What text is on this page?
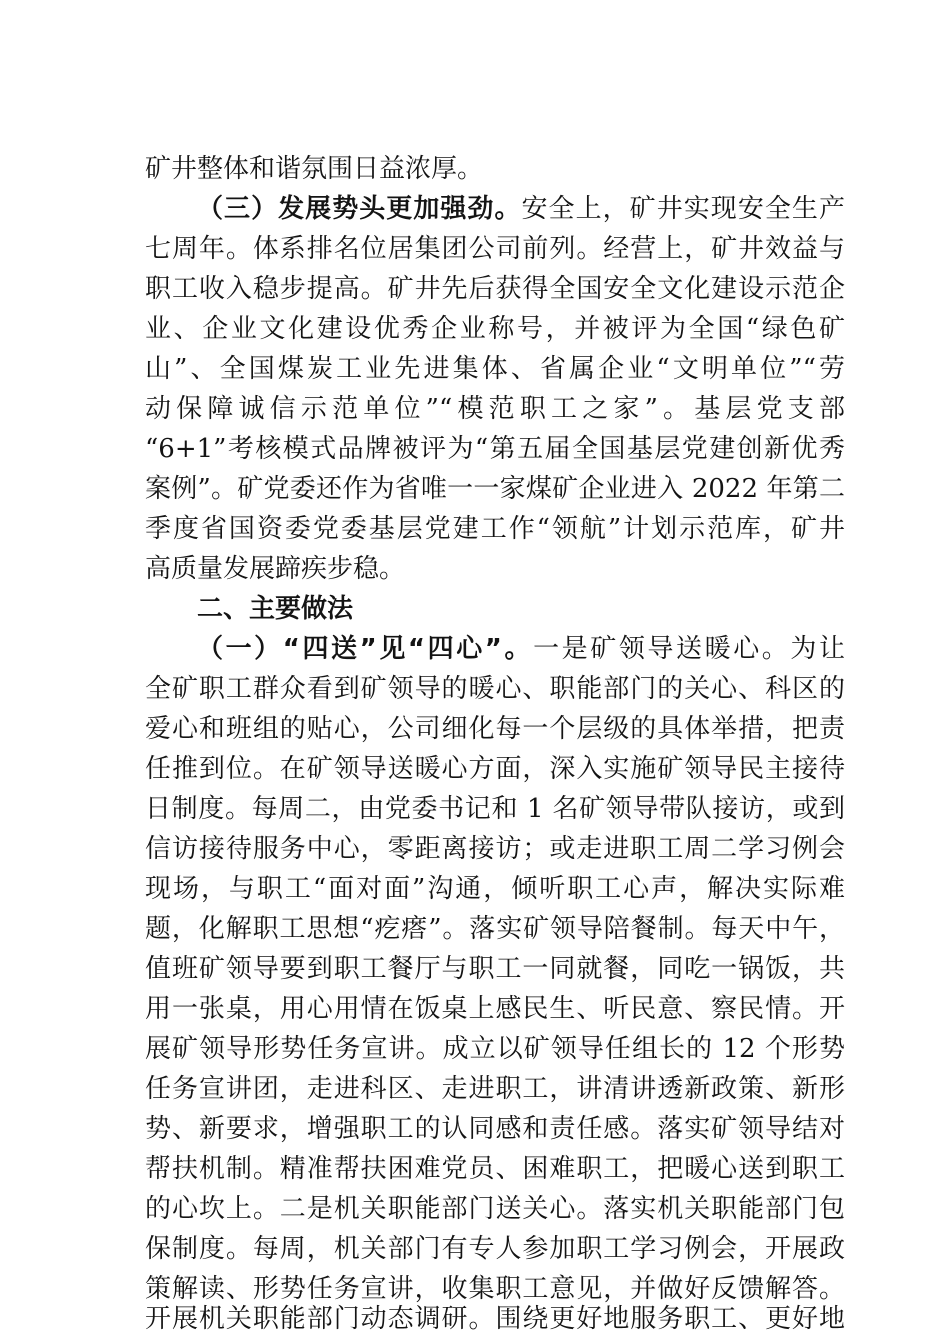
矿井整体和谐氛围日益浓厚。
（三）发展势头更加强劲。安全上，矿井实现安全生产
七周年。体系排名位居集团公司前列。经营上，矿井效益与
职工收入稳步提高。矿井先后获得全国安全文化建设示范企
业、企业文化建设优秀企业称号，并被评为全国“绿色矿
山”、全国煤炭工业先进集体、省属企业“文明单位”“劳
动保障诚信示范单位”“模范职工之家”。基层党支部
“6+1”考核模式品牌被评为“第五届全国基层党建创新优秀
案例”。矿党委还作为省唯一一家煤矿企业进入 2022 年第二
季度省国资委党委基层党建工作“领航”计划示范库，矿井
高质量发展蹄疾步稳。
二、主要做法
（一）“四送”见“四心”。一是矿领导送暖心。为让
全矿职工群众看到矿领导的暖心、职能部门的关心、科区的
爱心和班组的贴心，公司细化每一个层级的具体举措，把责
任推到位。在矿领导送暖心方面，深入实施矿领导民主接待
日制度。每周二，由党委书记和 1 名矿领导带队接访，或到
信访接待服务中心，零距离接访；或走进职工周二学习例会
现场，与职工“面对面”沟通，倾听职工心声，解决实际难
题，化解职工思想“疙瘩”。落实矿领导陪餐制。每天中午，
值班矿领导要到职工餐厅与职工一同就餐，同吃一锅饭，共
用一张桌，用心用情在饭桌上感民生、听民意、察民情。开
展矿领导形势任务宣讲。成立以矿领导任组长的 12 个形势
任务宣讲团，走进科区、走进职工，讲清讲透新政策、新形
势、新要求，增强职工的认同感和责任感。落实矿领导结对
帮扶机制。精准帮扶困难党员、困难职工，把暖心送到职工
的心坎上。二是机关职能部门送关心。落实机关职能部门包
保制度。每周，机关部门有专人参加职工学习例会，开展政
策解读、形势任务宣讲，收集职工意见，并做好反馈解答。
开展机关职能部门动态调研。围绕更好地服务职工、更好地
